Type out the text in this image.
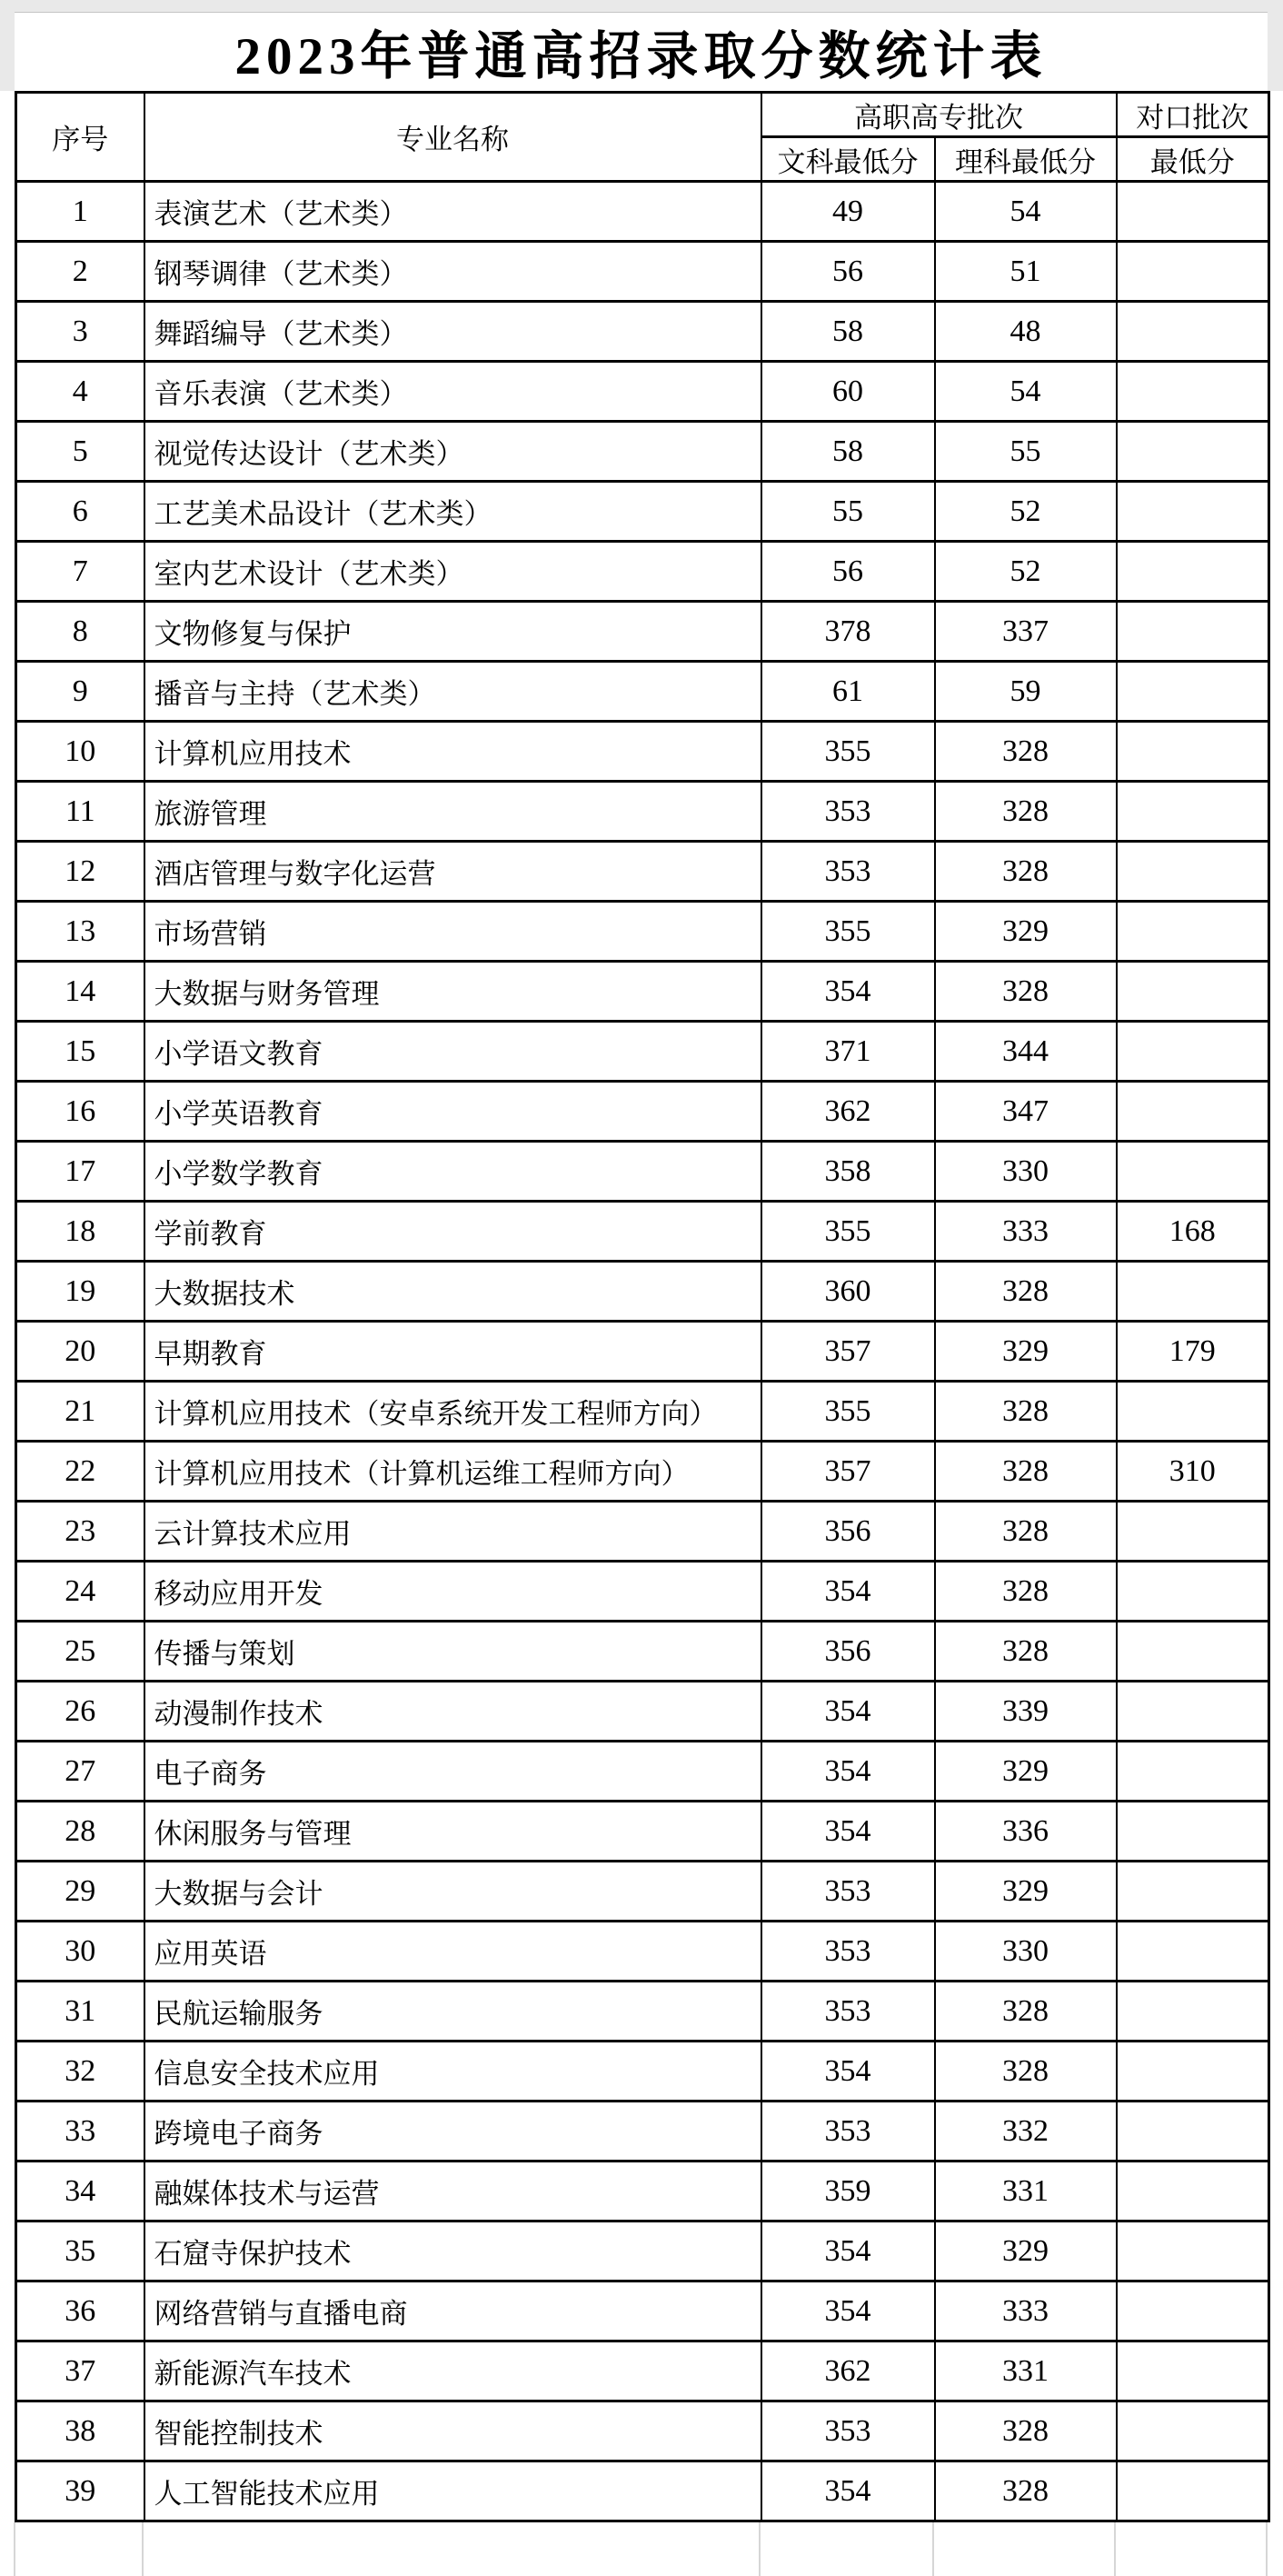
2023年普通高招录取分数统计表
序号	专业名称	高职高专批次		对口批次
		文科最低分	理科最低分	最低分
1	表演艺术（艺术类）	49	54	
2	钢琴调律（艺术类）	56	51	
3	舞蹈编导（艺术类）	58	48	
4	音乐表演（艺术类）	60	54	
5	视觉传达设计（艺术类）	58	55	
6	工艺美术品设计（艺术类）	55	52	
7	室内艺术设计（艺术类）	56	52	
8	文物修复与保护	378	337	
9	播音与主持（艺术类）	61	59	
10	计算机应用技术	355	328	
11	旅游管理	353	328	
12	酒店管理与数字化运营	353	328	
13	市场营销	355	329	
14	大数据与财务管理	354	328	
15	小学语文教育	371	344	
16	小学英语教育	362	347	
17	小学数学教育	358	330	
18	学前教育	355	333	168
19	大数据技术	360	328	
20	早期教育	357	329	179
21	计算机应用技术（安卓系统开发工程师方向）	355	328	
22	计算机应用技术（计算机运维工程师方向）	357	328	310
23	云计算技术应用	356	328	
24	移动应用开发	354	328	
25	传播与策划	356	328	
26	动漫制作技术	354	339	
27	电子商务	354	329	
28	休闲服务与管理	354	336	
29	大数据与会计	353	329	
30	应用英语	353	330	
31	民航运输服务	353	328	
32	信息安全技术应用	354	328	
33	跨境电子商务	353	332	
34	融媒体技术与运营	359	331	
35	石窟寺保护技术	354	329	
36	网络营销与直播电商	354	333	
37	新能源汽车技术	362	331	
38	智能控制技术	353	328	
39	人工智能技术应用	354	328	
